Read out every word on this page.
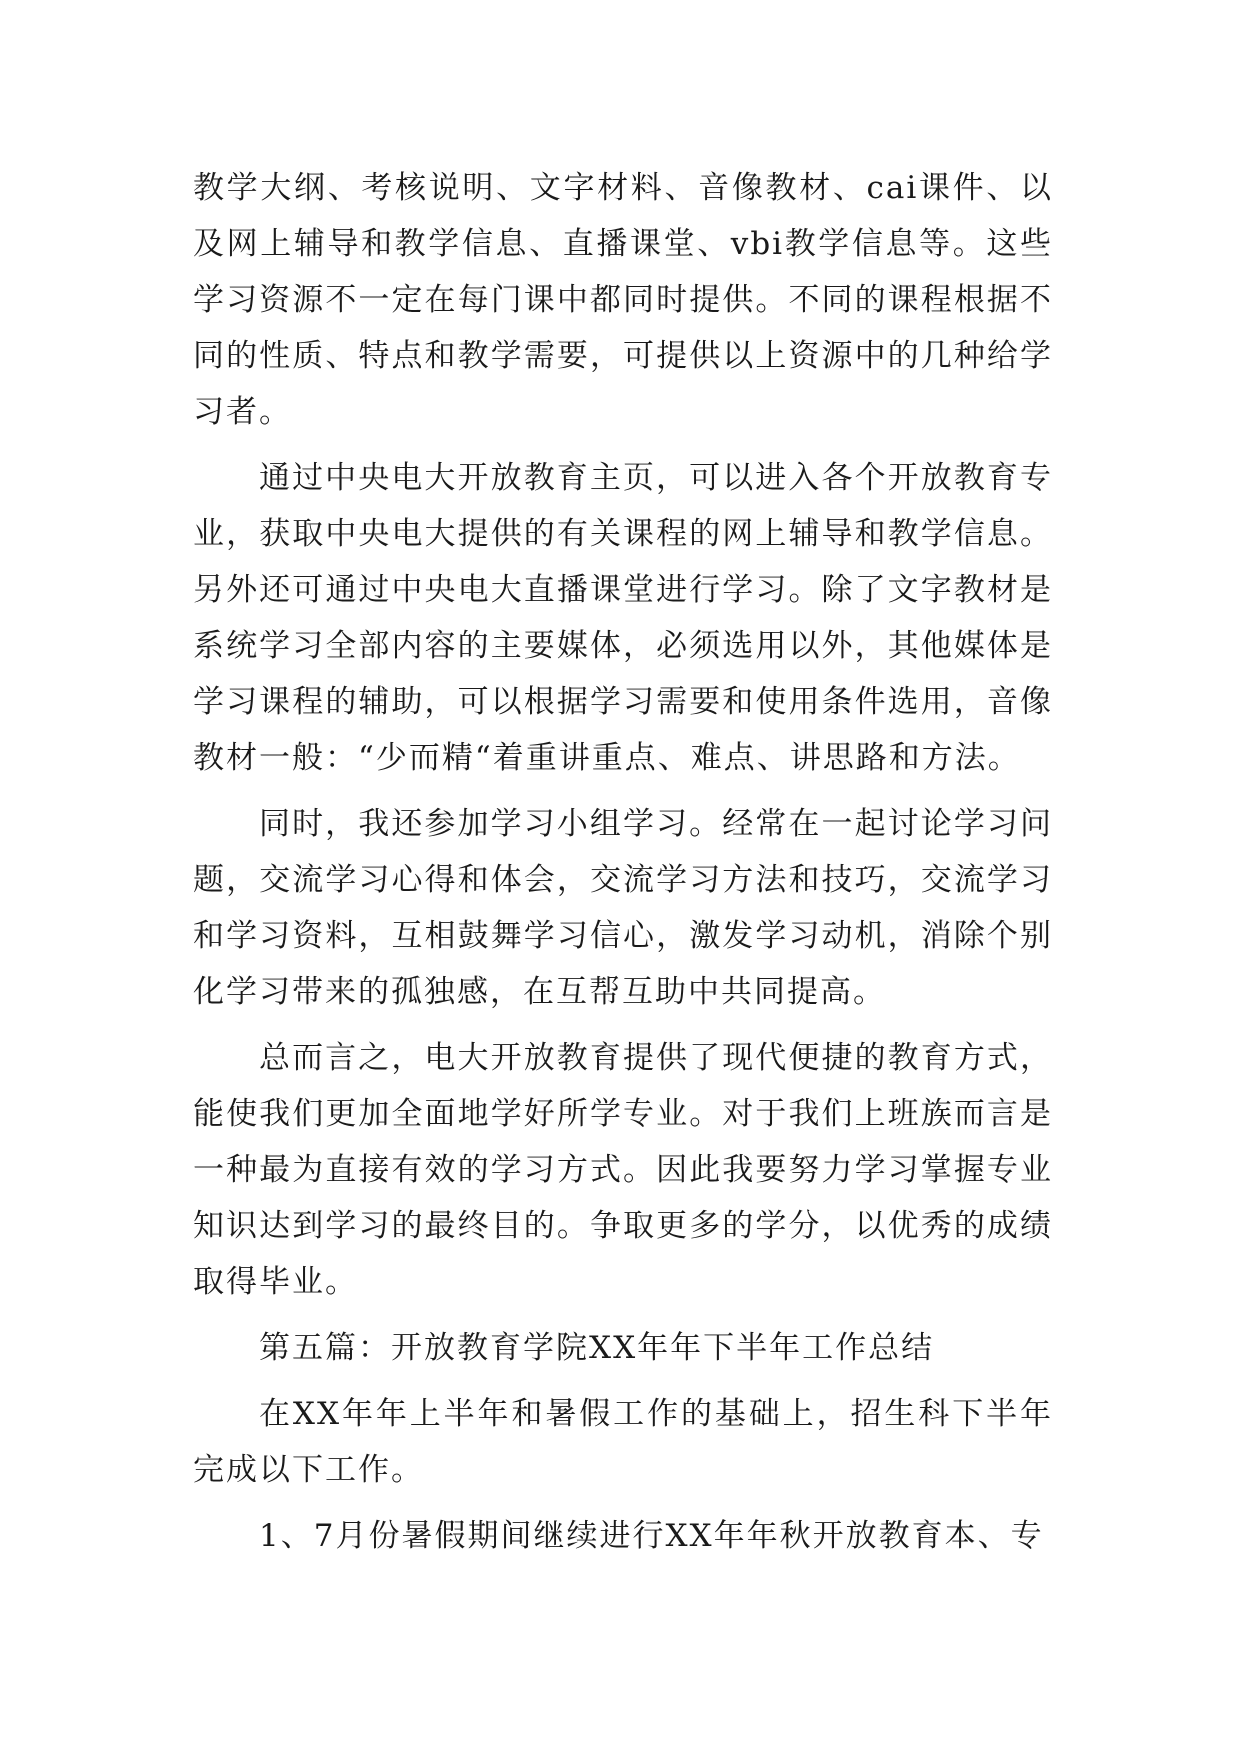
教学大纲、考核说明、文字材料、音像教材、cai课件、以及网上辅导和教学信息、直播课堂、vbi教学信息等。这些学习资源不一定在每门课中都同时提供。不同的课程根据不同的性质、特点和教学需要，可提供以上资源中的几种给学习者。

通过中央电大开放教育主页，可以进入各个开放教育专业，获取中央电大提供的有关课程的网上辅导和教学信息。另外还可通过中央电大直播课堂进行学习。除了文字教材是系统学习全部内容的主要媒体，必须选用以外，其他媒体是学习课程的辅助，可以根据学习需要和使用条件选用，音像教材一般：“少而精“着重讲重点、难点、讲思路和方法。

同时，我还参加学习小组学习。经常在一起讨论学习问题，交流学习心得和体会，交流学习方法和技巧，交流学习和学习资料，互相鼓舞学习信心，激发学习动机，消除个别化学习带来的孤独感，在互帮互助中共同提高。

总而言之，电大开放教育提供了现代便捷的教育方式，能使我们更加全面地学好所学专业。对于我们上班族而言是一种最为直接有效的学习方式。因此我要努力学习掌握专业知识达到学习的最终目的。争取更多的学分，以优秀的成绩取得毕业。

第五篇：开放教育学院XX年年下半年工作总结

在XX年年上半年和暑假工作的基础上，招生科下半年完成以下工作。

1、7月份暑假期间继续进行XX年年秋开放教育本、专
